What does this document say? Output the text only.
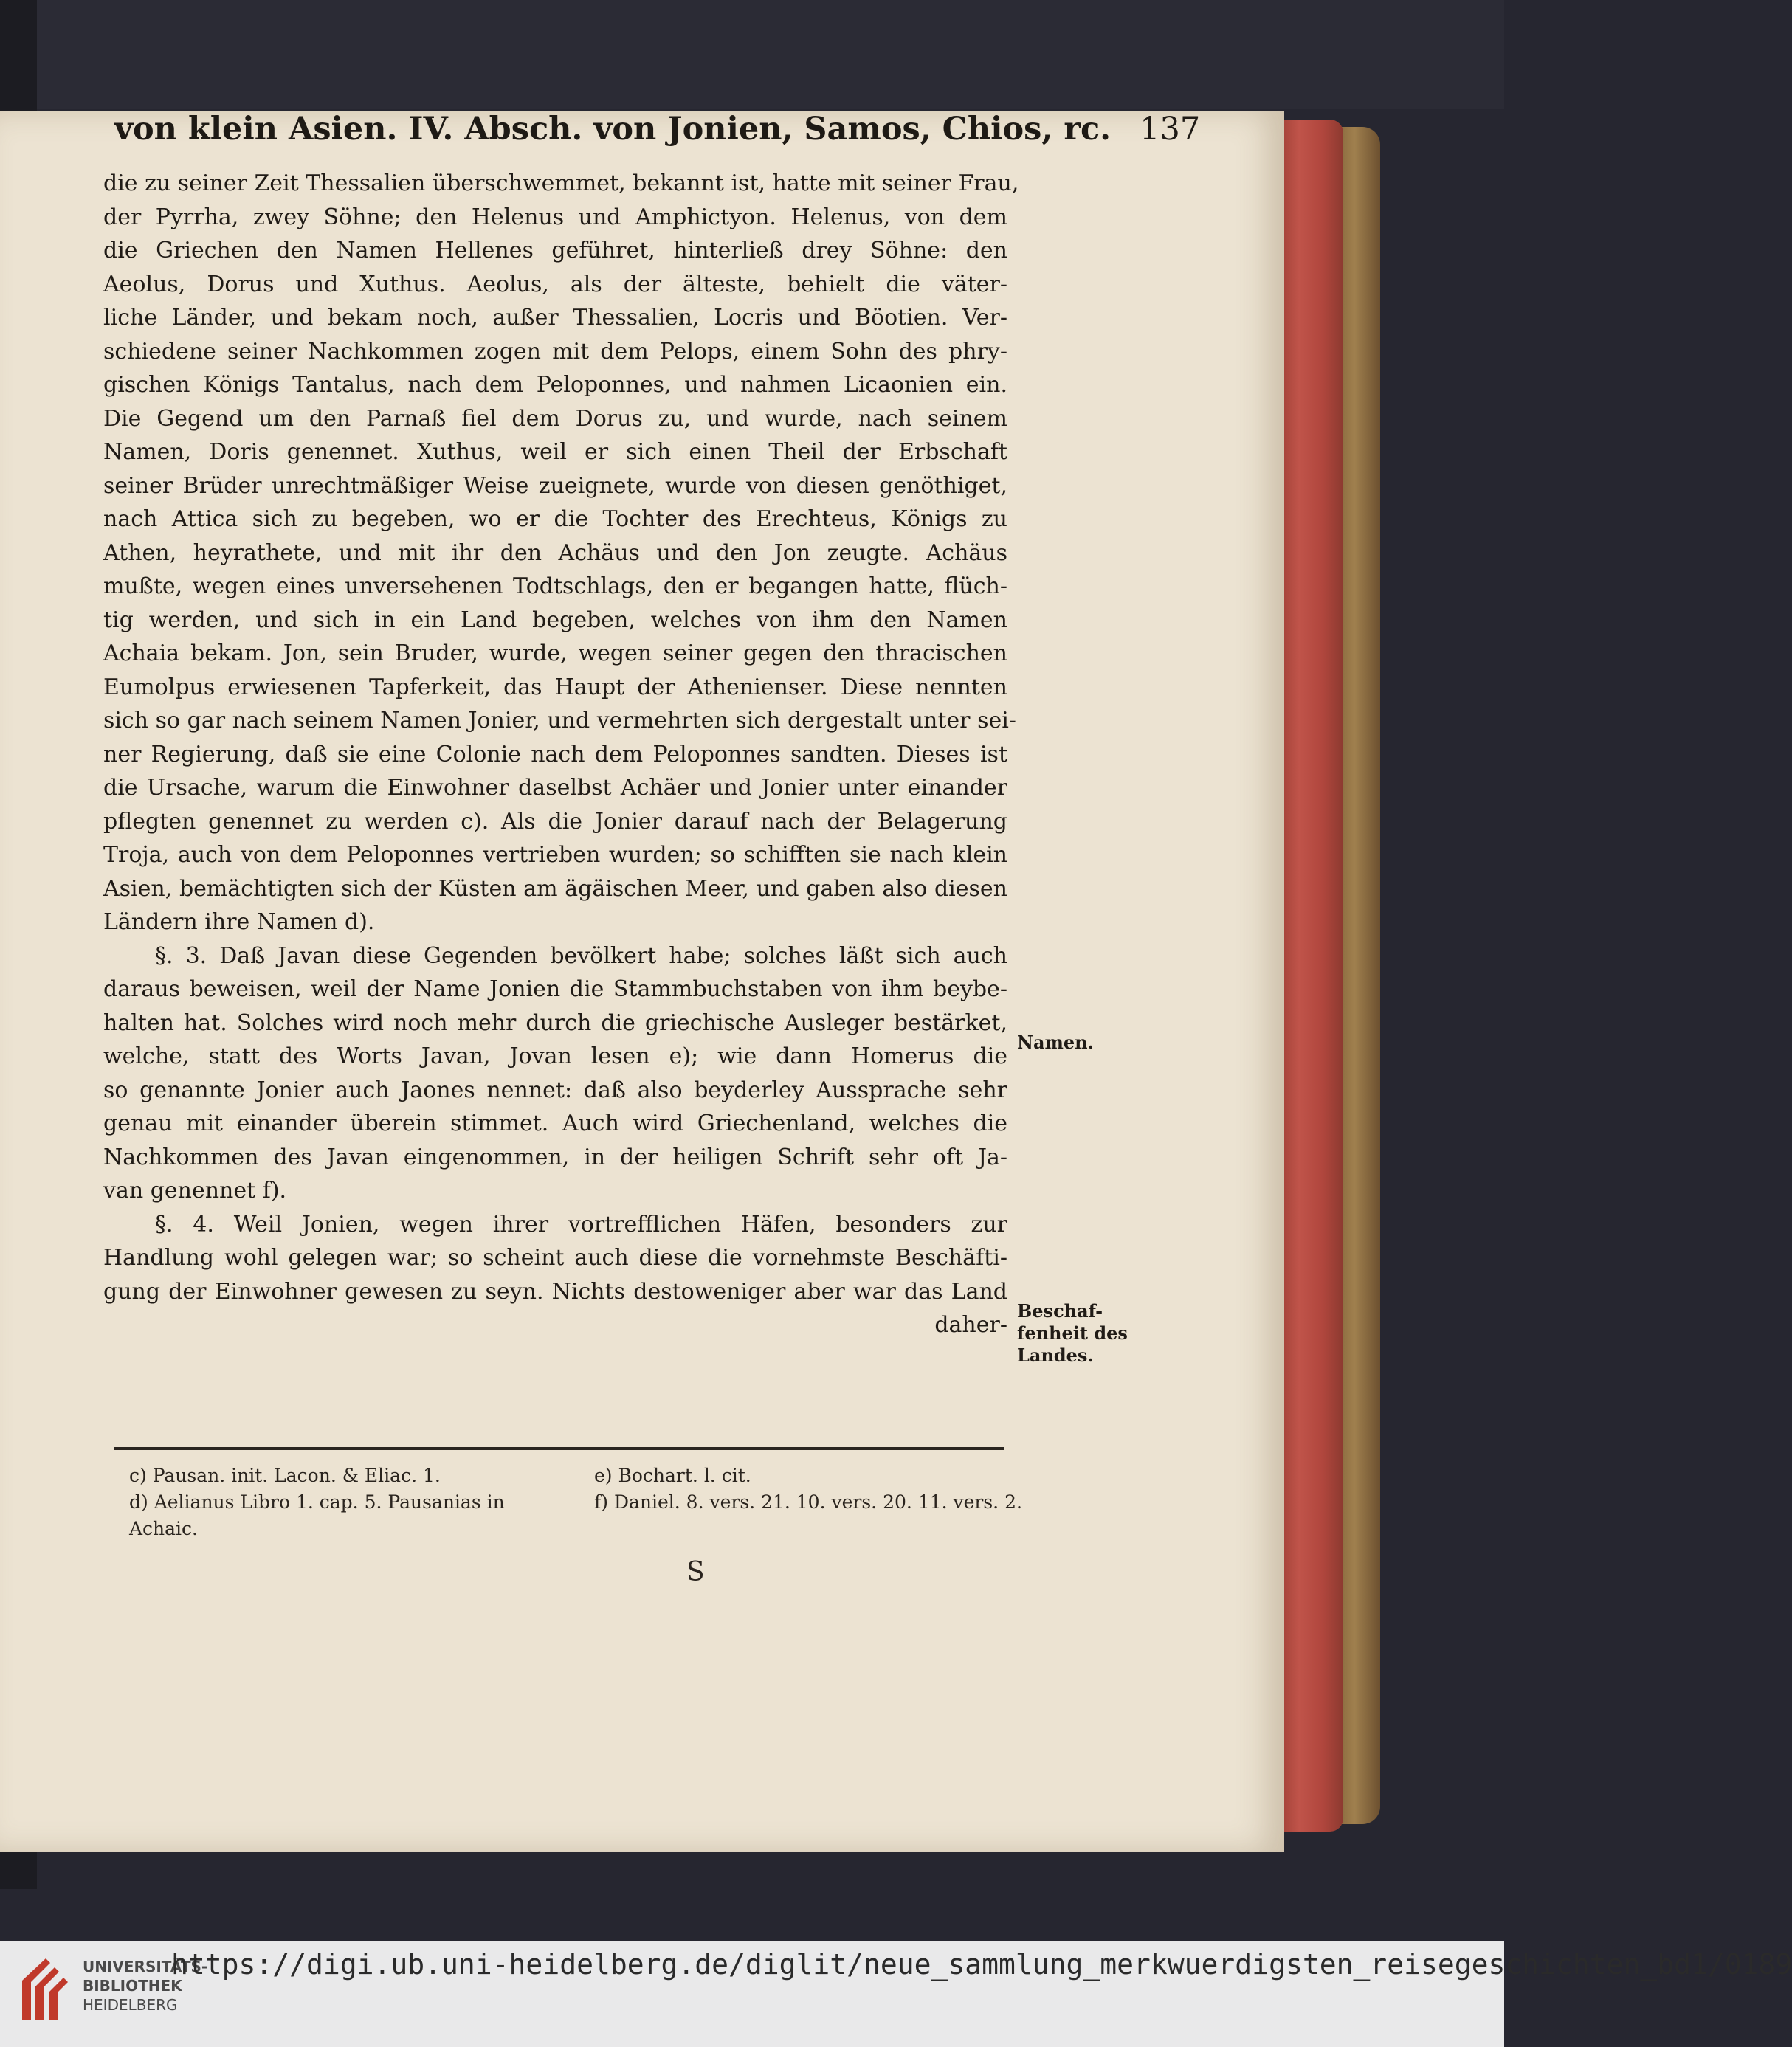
von klein Asien. IV. Absch. von Jonien, Samos, Chios, rc. 137
die zu seiner Zeit Thessalien überschwemmet, bekannt ist, hatte mit seiner Frau,
der Pyrrha, zwey Söhne; den Helenus und Amphictyon. Helenus, von dem
die Griechen den Namen Hellenes geführet, hinterließ drey Söhne: den
Aeolus, Dorus und Xuthus. Aeolus, als der älteste, behielt die väter-
liche Länder, und bekam noch, außer Thessalien, Locris und Böotien. Ver-
schiedene seiner Nachkommen zogen mit dem Pelops, einem Sohn des phry-
gischen Königs Tantalus, nach dem Peloponnes, und nahmen Licaonien ein.
Die Gegend um den Parnaß fiel dem Dorus zu, und wurde, nach seinem
Namen, Doris genennet. Xuthus, weil er sich einen Theil der Erbschaft
seiner Brüder unrechtmäßiger Weise zueignete, wurde von diesen genöthiget,
nach Attica sich zu begeben, wo er die Tochter des Erechteus, Königs zu
Athen, heyrathete, und mit ihr den Achäus und den Jon zeugte. Achäus
mußte, wegen eines unversehenen Todtschlags, den er begangen hatte, flüch-
tig werden, und sich in ein Land begeben, welches von ihm den Namen
Achaia bekam. Jon, sein Bruder, wurde, wegen seiner gegen den thracischen
Eumolpus erwiesenen Tapferkeit, das Haupt der Athenienser. Diese nennten
sich so gar nach seinem Namen Jonier, und vermehrten sich dergestalt unter sei-
ner Regierung, daß sie eine Colonie nach dem Peloponnes sandten. Dieses ist
die Ursache, warum die Einwohner daselbst Achäer und Jonier unter einander
pflegten genennet zu werden c). Als die Jonier darauf nach der Belagerung
Troja, auch von dem Peloponnes vertrieben wurden; so schifften sie nach klein
Asien, bemächtigten sich der Küsten am ägäischen Meer, und gaben also diesen
Ländern ihre Namen d).
§. 3. Daß Javan diese Gegenden bevölkert habe; solches läßt sich auch
daraus beweisen, weil der Name Jonien die Stammbuchstaben von ihm beybe-
halten hat. Solches wird noch mehr durch die griechische Ausleger bestärket,
welche, statt des Worts Javan, Jovan lesen e); wie dann Homerus die
so genannte Jonier auch Jaones nennet: daß also beyderley Aussprache sehr
genau mit einander überein stimmet. Auch wird Griechenland, welches die
Nachkommen des Javan eingenommen, in der heiligen Schrift sehr oft Ja-
van genennet f).
§. 4. Weil Jonien, wegen ihrer vortrefflichen Häfen, besonders zur
Handlung wohl gelegen war; so scheint auch diese die vornehmste Beschäfti-
gung der Einwohner gewesen zu seyn. Nichts destoweniger aber war das Land
daher-
Namen.
Beschaf-
fenheit des
Landes.
c) Pausan. init. Lacon. & Eliac. 1.
d) Aelianus Libro 1. cap. 5. Pausanias in Achaic.
e) Bochart. l. cit.
f) Daniel. 8. vers. 21. 10. vers. 20. 11. vers. 2.
S
UNIVERSITÄTS-
BIBLIOTHEK
HEIDELBERG
https://digi.ub.uni-heidelberg.de/diglit/neue_sammlung_merkwuerdigsten_reisegeschichten_bd1/0189
